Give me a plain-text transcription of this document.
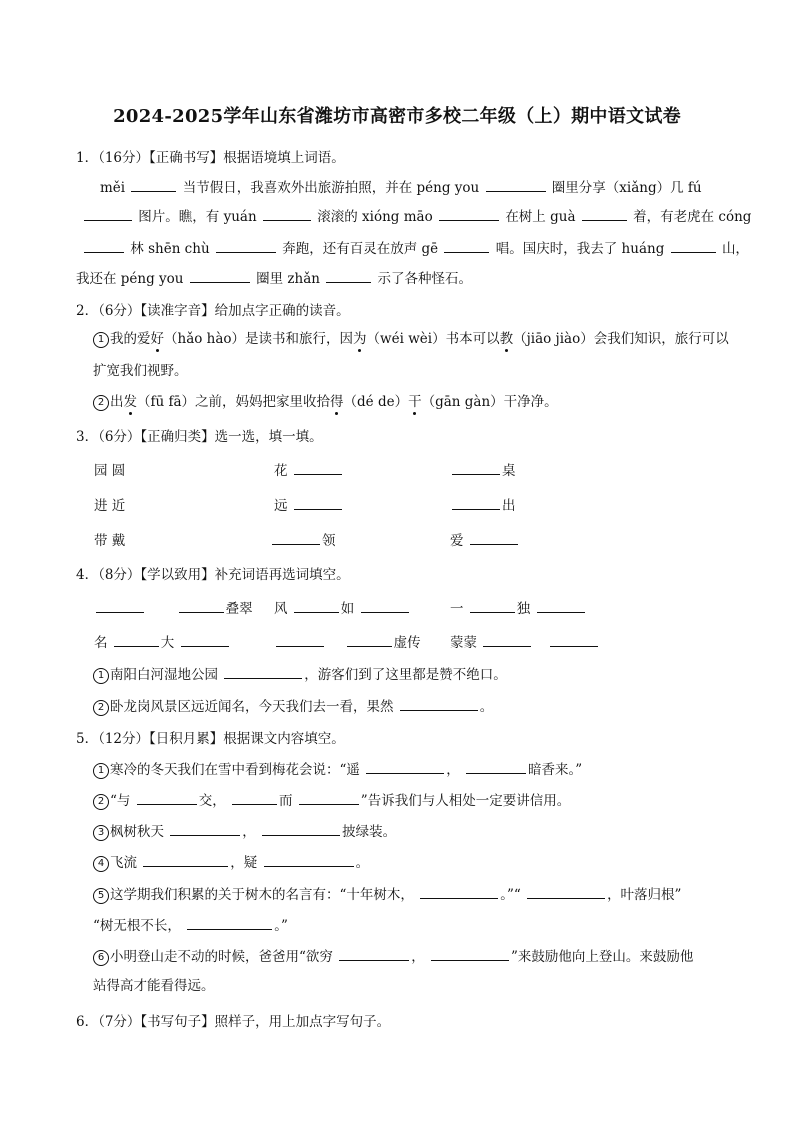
2024-2025学年山东省潍坊市高密市多校二年级（上）期中语文试卷
1．（16分）【正确书写】根据语境填上词语。
měi	当节假日，我喜欢外出旅游拍照，并在 péng you	圈里分享（xiǎng）几 fú
图片。瞧，有 yuán	滚滚的 xióng māo	在树上 guà	着，有老虎在 cóng
林 shēn chù	奔跑，还有百灵在放声 gē	唱。国庆时，我去了 huáng	山，
我还在 péng you	圈里 zhǎn	示了各种怪石。
2．（6分）【读准字音】给加点字正确的读音。
1 我的爱好（hǎo hào）是读书和旅行，因为（wéi wèi）书本可以教（jiāo jiào）会我们知识，旅行可以
扩宽我们视野。
2 出发（fū fā）之前，妈妈把家里收拾得（dé de）干（gān gàn）干净净。
3．（6分）【正确归类】选一选，填一填。
园 圆	花	桌
进 近	远	出
带 戴	领	爱
4．（8分）【学以致用】补充词语再选词填空。
叠翠 风	如	一	独
名	大	虚传 蒙蒙
1 南阳白河湿地公园	，游客们到了这里都是赞不绝口。
2 卧龙岗风景区远近闻名，今天我们去一看，果然	。
5．（12分）【日积月累】根据课文内容填空。
1 寒冷的冬天我们在雪中看到梅花会说：“遥	，	暗香来。”
2 “与	交，	而	”告诉我们与人相处一定要讲信用。
3 枫树秋天	，	披绿装。
4 飞流	，疑	。
5 这学期我们积累的关于树木的名言有：“十年树木，	。”“	，叶落归根”
“树无根不长，	。”
6 小明登山走不动的时候，爸爸用“欲穷	，	”来鼓励他向上登山。来鼓励他
站得高才能看得远。
6．（7分）【书写句子】照样子，用上加点字写句子。
